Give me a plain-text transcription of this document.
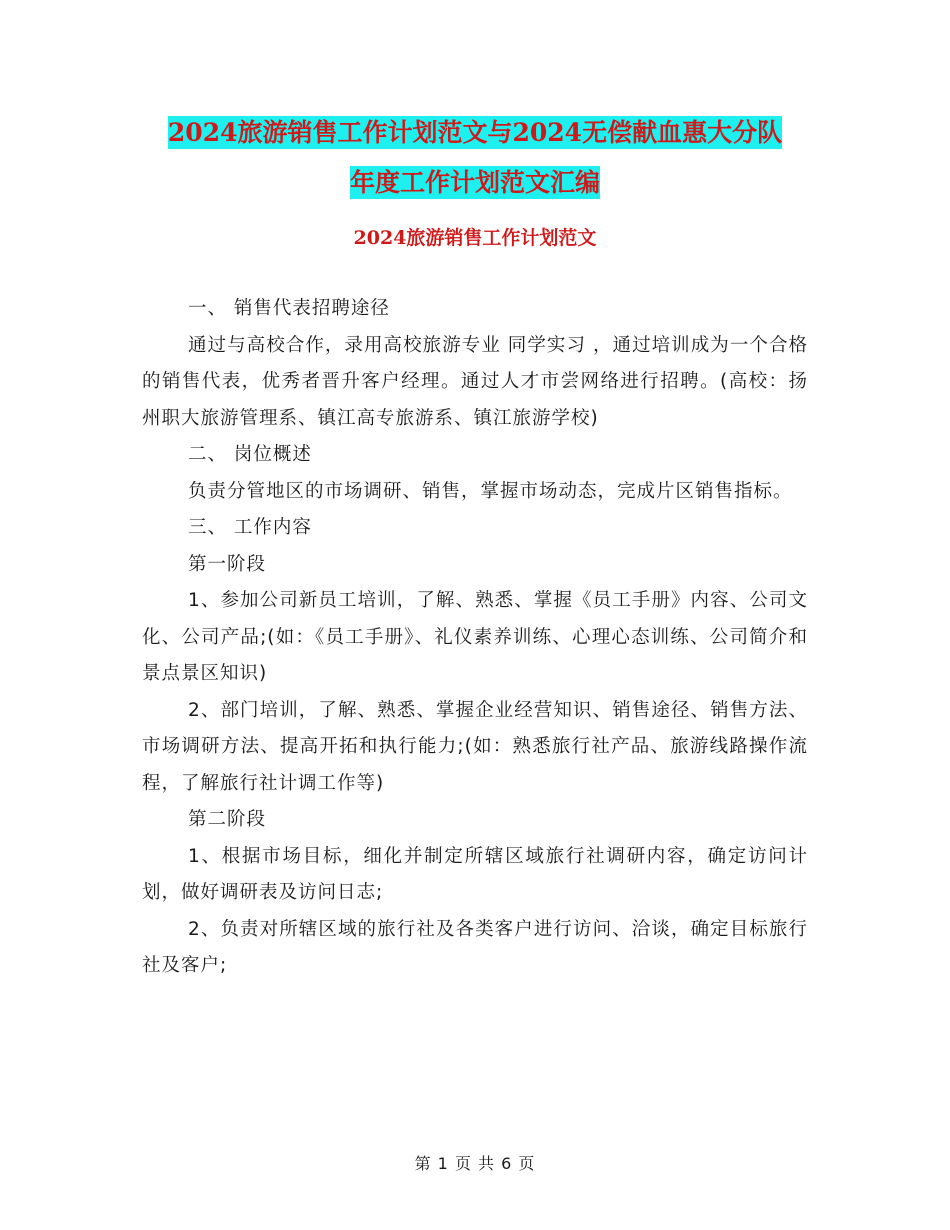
2024旅游销售工作计划范文与2024无偿献血惠大分队
年度工作计划范文汇编
2024旅游销售工作计划范文

一、 销售代表招聘途径

通过与高校合作，录用高校旅游专业 同学实习 ，通过培训成为一个合格的销售代表，优秀者晋升客户经理。通过人才市尝网络进行招聘。(高校：扬州职大旅游管理系、镇江高专旅游系、镇江旅游学校)

二、 岗位概述

负责分管地区的市场调研、销售，掌握市场动态，完成片区销售指标。

三、 工作内容

第一阶段

1、参加公司新员工培训，了解、熟悉、掌握《员工手册》内容、公司文化、公司产品;(如：《员工手册》、礼仪素养训练、心理心态训练、公司简介和景点景区知识)

2、部门培训，了解、熟悉、掌握企业经营知识、销售途径、销售方法、市场调研方法、提高开拓和执行能力;(如：熟悉旅行社产品、旅游线路操作流程，了解旅行社计调工作等)

第二阶段

1、根据市场目标，细化并制定所辖区域旅行社调研内容，确定访问计划，做好调研表及访问日志;

2、负责对所辖区域的旅行社及各类客户进行访问、洽谈，确定目标旅行社及客户;

第 1 页 共 6 页
